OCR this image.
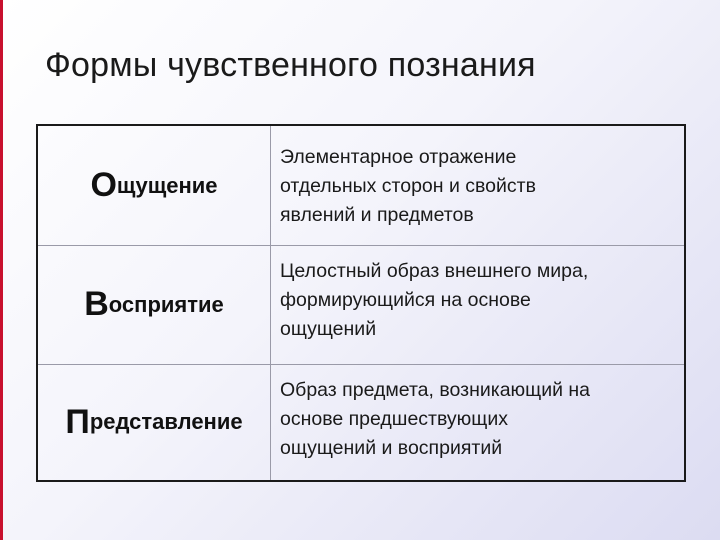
Формы чувственного познания
О щущение
Элементарное отражение
отдельных сторон и свойств
явлений и предметов
В осприятие
Целостный образ внешнего мира,
формирующийся на основе
ощущений
П редставление
Образ предмета, возникающий на
основе предшествующих
ощущений и восприятий
